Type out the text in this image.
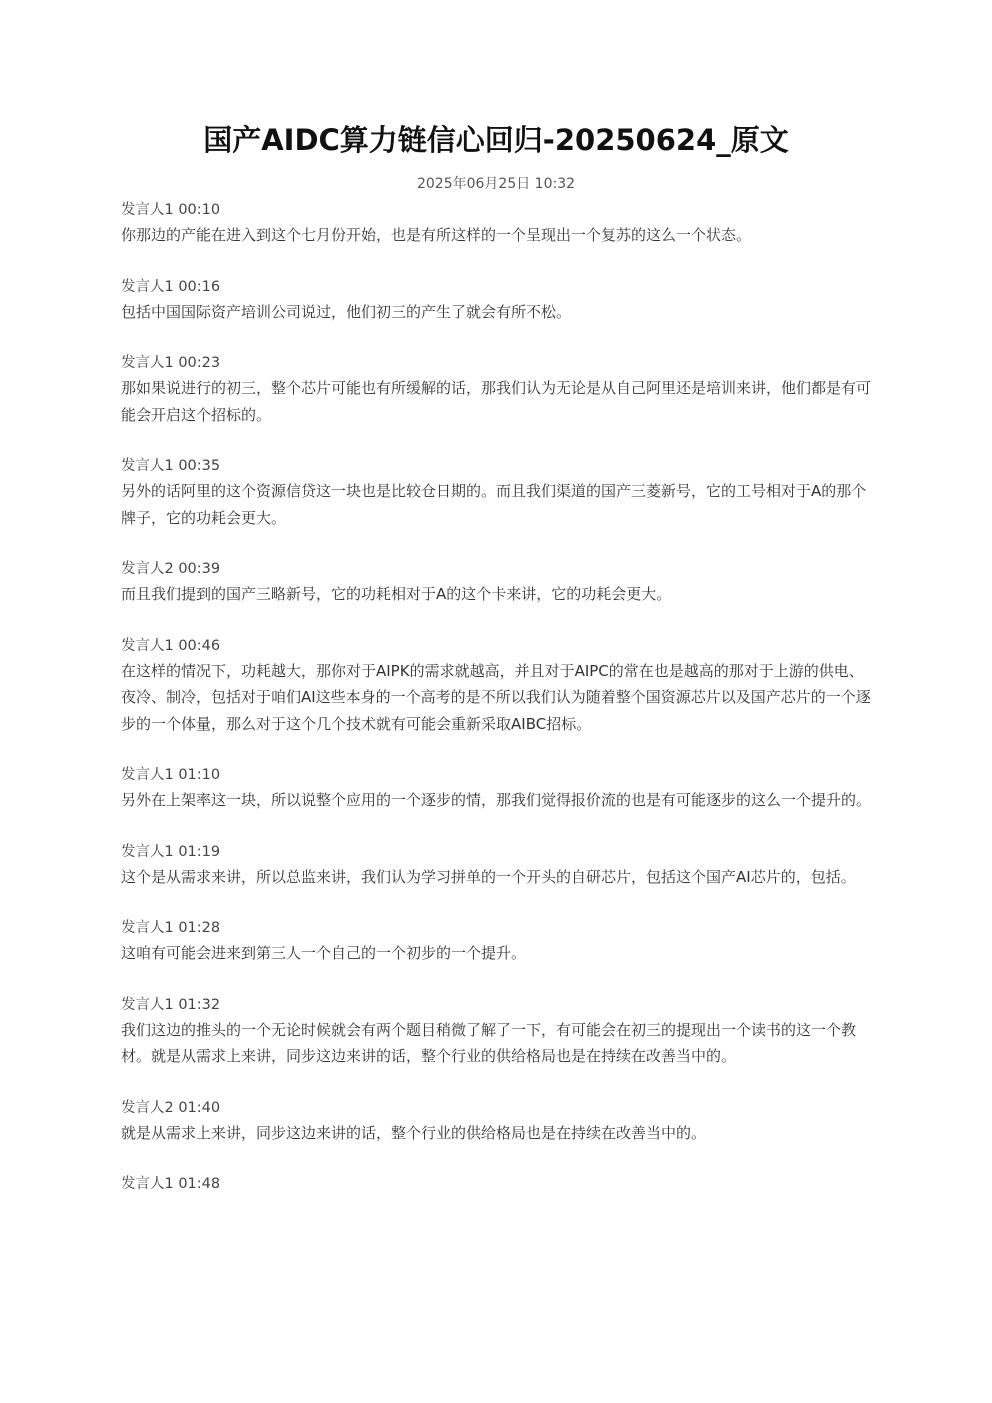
国产AIDC算力链信心回归-20250624_原文
2025年06月25日 10:32
发言人1 00:10
你那边的产能在进入到这个七月份开始，也是有所这样的一个呈现出一个复苏的这么一个状态。
发言人1 00:16
包括中国国际资产培训公司说过，他们初三的产生了就会有所不松。
发言人1 00:23
那如果说进行的初三，整个芯片可能也有所缓解的话，那我们认为无论是从自己阿里还是培训来讲，他们都是有可能会开启这个招标的。
发言人1 00:35
另外的话阿里的这个资源信贷这一块也是比较仓日期的。而且我们渠道的国产三菱新号，它的工号相对于A的那个牌子，它的功耗会更大。
发言人2 00:39
而且我们提到的国产三略新号，它的功耗相对于A的这个卡来讲，它的功耗会更大。
发言人1 00:46
在这样的情况下，功耗越大，那你对于AIPK的需求就越高，并且对于AIPC的常在也是越高的那对于上游的供电、夜冷、制冷，包括对于咱们AI这些本身的一个高考的是不所以我们认为随着整个国资源芯片以及国产芯片的一个逐步的一个体量，那么对于这个几个技术就有可能会重新采取AIBC招标。
发言人1 01:10
另外在上架率这一块，所以说整个应用的一个逐步的情，那我们觉得报价流的也是有可能逐步的这么一个提升的。
发言人1 01:19
这个是从需求来讲，所以总监来讲，我们认为学习拼单的一个开头的自研芯片，包括这个国产AI芯片的，包括。
发言人1 01:28
这咱有可能会进来到第三人一个自己的一个初步的一个提升。
发言人1 01:32
我们这边的推头的一个无论时候就会有两个题目稍微了解了一下，有可能会在初三的提现出一个读书的这一个教材。就是从需求上来讲，同步这边来讲的话，整个行业的供给格局也是在持续在改善当中的。
发言人2 01:40
就是从需求上来讲，同步这边来讲的话，整个行业的供给格局也是在持续在改善当中的。
发言人1 01:48
